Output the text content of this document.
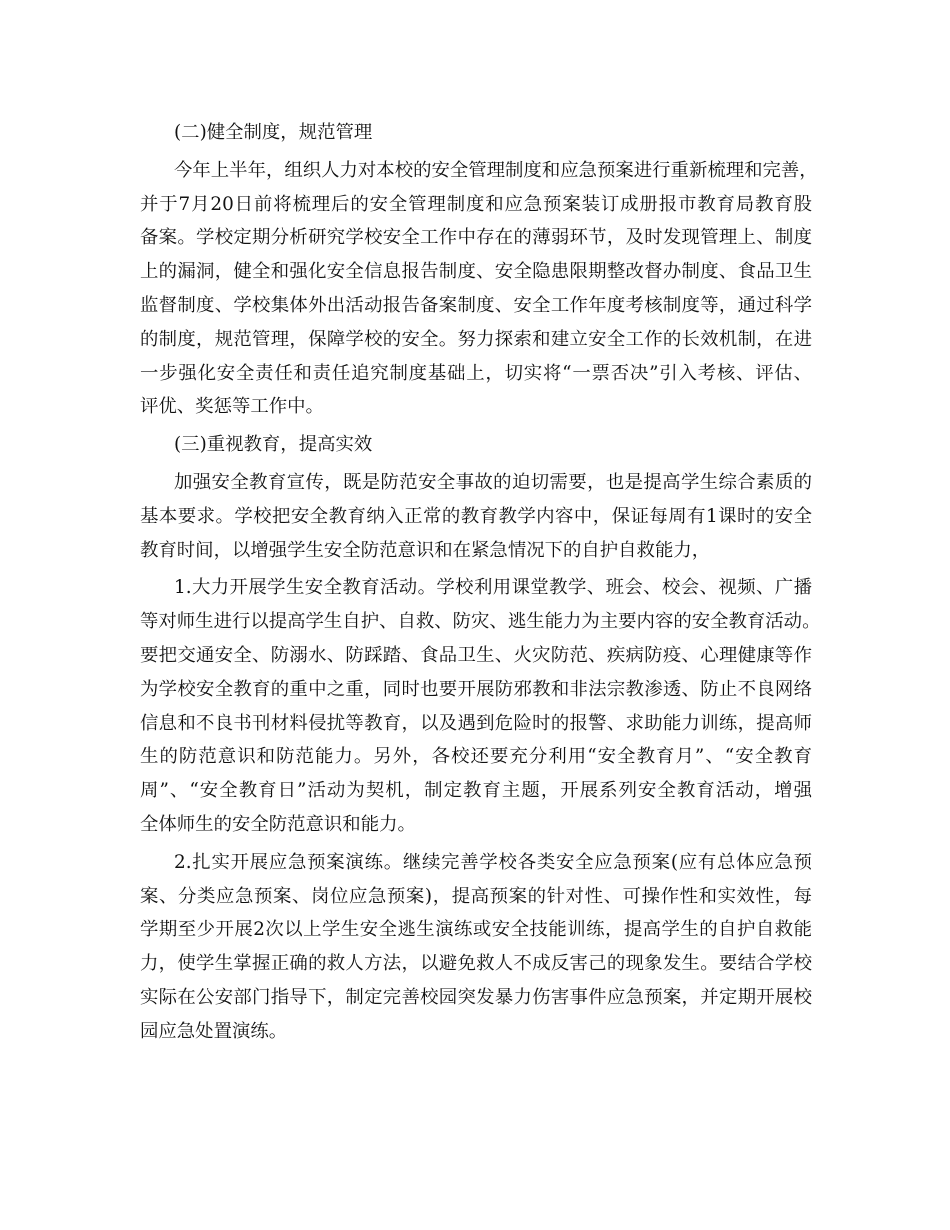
(二)健全制度，规范管理
今年上半年，组织人力对本校的安全管理制度和应急预案进行重新梳理和完善，
并于7月20日前将梳理后的安全管理制度和应急预案装订成册报市教育局教育股
备案。学校定期分析研究学校安全工作中存在的薄弱环节，及时发现管理上、制度
上的漏洞，健全和强化安全信息报告制度、安全隐患限期整改督办制度、食品卫生
监督制度、学校集体外出活动报告备案制度、安全工作年度考核制度等，通过科学
的制度，规范管理，保障学校的安全。努力探索和建立安全工作的长效机制，在进
一步强化安全责任和责任追究制度基础上，切实将“一票否决”引入考核、评估、
评优、奖惩等工作中。
(三)重视教育，提高实效
加强安全教育宣传，既是防范安全事故的迫切需要，也是提高学生综合素质的
基本要求。学校把安全教育纳入正常的教育教学内容中，保证每周有1课时的安全
教育时间，以增强学生安全防范意识和在紧急情况下的自护自救能力，
1.大力开展学生安全教育活动。学校利用课堂教学、班会、校会、视频、广播
等对师生进行以提高学生自护、自救、防灾、逃生能力为主要内容的安全教育活动。
要把交通安全、防溺水、防踩踏、食品卫生、火灾防范、疾病防疫、心理健康等作
为学校安全教育的重中之重，同时也要开展防邪教和非法宗教渗透、防止不良网络
信息和不良书刊材料侵扰等教育，以及遇到危险时的报警、求助能力训练，提高师
生的防范意识和防范能力。另外，各校还要充分利用“安全教育月”、“安全教育
周”、“安全教育日”活动为契机，制定教育主题，开展系列安全教育活动，增强
全体师生的安全防范意识和能力。
2.扎实开展应急预案演练。继续完善学校各类安全应急预案(应有总体应急预
案、分类应急预案、岗位应急预案)，提高预案的针对性、可操作性和实效性，每
学期至少开展2次以上学生安全逃生演练或安全技能训练，提高学生的自护自救能
力，使学生掌握正确的救人方法，以避免救人不成反害己的现象发生。要结合学校
实际在公安部门指导下，制定完善校园突发暴力伤害事件应急预案，并定期开展校
园应急处置演练。
